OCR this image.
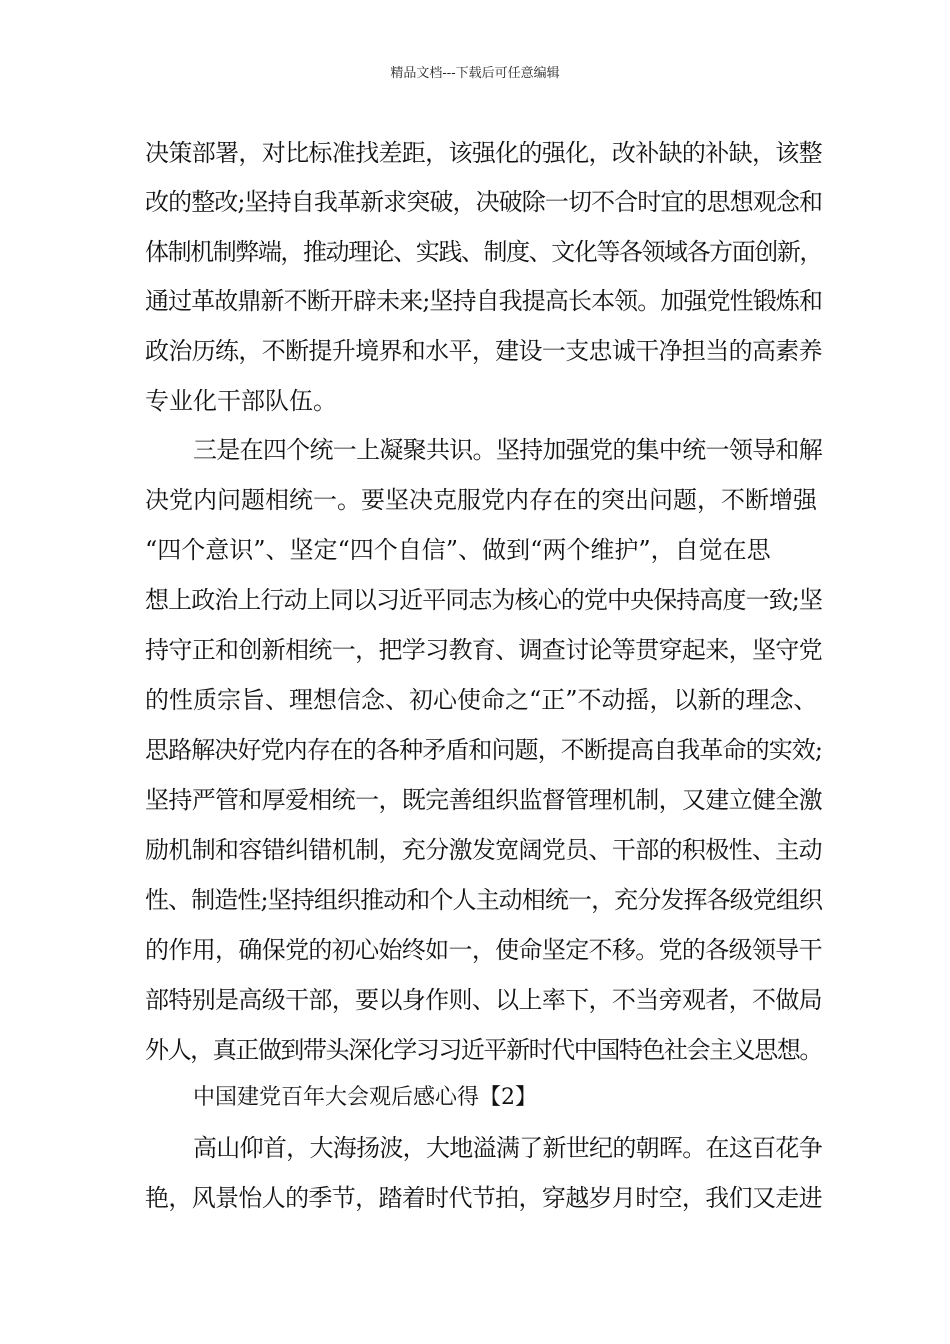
精品文档---下载后可任意编辑
决策部署，对比标准找差距，该强化的强化，改补缺的补缺，该整
改的整改;坚持自我革新求突破，决破除一切不合时宜的思想观念和
体制机制弊端，推动理论、实践、制度、文化等各领域各方面创新，
通过革故鼎新不断开辟未来;坚持自我提高长本领。加强党性锻炼和
政治历练，不断提升境界和水平，建设一支忠诚干净担当的高素养
专业化干部队伍。
三是在四个统一上凝聚共识。坚持加强党的集中统一领导和解
决党内问题相统一。要坚决克服党内存在的突出问题，不断增强
“四个意识”、坚定“四个自信”、做到“两个维护”，自觉在思
想上政治上行动上同以习近平同志为核心的党中央保持高度一致;坚
持守正和创新相统一，把学习教育、调查讨论等贯穿起来，坚守党
的性质宗旨、理想信念、初心使命之“正”不动摇，以新的理念、
思路解决好党内存在的各种矛盾和问题，不断提高自我革命的实效;
坚持严管和厚爱相统一，既完善组织监督管理机制，又建立健全激
励机制和容错纠错机制，充分激发宽阔党员、干部的积极性、主动
性、制造性;坚持组织推动和个人主动相统一，充分发挥各级党组织
的作用，确保党的初心始终如一，使命坚定不移。党的各级领导干
部特别是高级干部，要以身作则、以上率下，不当旁观者，不做局
外人，真正做到带头深化学习习近平新时代中国特色社会主义思想。
中国建党百年大会观后感心得【2】
高山仰首，大海扬波，大地溢满了新世纪的朝晖。在这百花争
艳，风景怡人的季节，踏着时代节拍，穿越岁月时空，我们又走进
